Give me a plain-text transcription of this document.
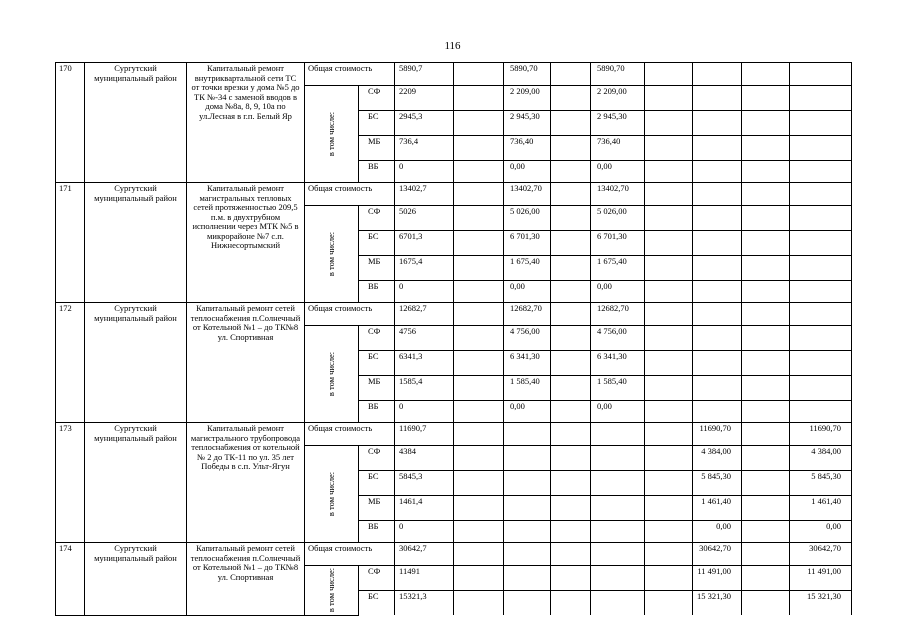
116
170	Сургутский муниципальный район	Капитальный ремонт внутриквартальной сети ТС от точки врезки у дома №5 до ТК №-34 с заменой вводов в дома №8а, 8, 9, 10а по ул.Лесная в г.п. Белый Яр	Общая стоимость		5890,7		5890,70		5890,70				

			в том числе:	СФ	2209		2 209,00		2 209,00				
				БС	2945,3		2 945,30		2 945,30				
				МБ	736,4		736,40		736,40				
				ВБ	0		0,00		0,00				
171	Сургутский муниципальный район	Капитальный ремонт магистральных тепловых сетей протяженностью 209,5 п.м. в двухтрубном исполнении через МТК №5 в микрорайоне №7 с.п. Нижнесортымский	Общая стоимость		13402,7		13402,70		13402,70				

			в том числе:	СФ	5026		5 026,00		5 026,00				
				БС	6701,3		6 701,30		6 701,30				
				МБ	1675,4		1 675,40		1 675,40				
				ВБ	0		0,00		0,00				
172	Сургутский муниципальный район	Капитальный ремонт сетей теплоснабжения п.Солнечный от Котельной №1 – до ТК№8 ул. Спортивная	Общая стоимость		12682,7		12682,70		12682,70				

			в том числе:	СФ	4756		4 756,00		4 756,00				
				БС	6341,3		6 341,30		6 341,30				
				МБ	1585,4		1 585,40		1 585,40				
				ВБ	0		0,00		0,00				
173	Сургутский муниципальный район	Капитальный ремонт магистрального трубопровода теплоснабжения от котельной № 2 до ТК-11 по ул. 35 лет Победы в с.п. Ульт-Ягун	Общая стоимость		11690,7						11690,70		11690,70

			в том числе:	СФ	4384						4 384,00		4 384,00
				БС	5845,3						5 845,30		5 845,30
				МБ	1461,4						1 461,40		1 461,40
				ВБ	0						0,00		0,00
174	Сургутский муниципальный район	Капитальный ремонт сетей теплоснабжения п.Солнечный от Котельной №1 – до ТК№8 ул. Спортивная	Общая стоимость		30642,7						30642,70		30642,70

			в том числе:	СФ	11491						11 491,00		11 491,00
				БС	15321,3						15 321,30		15 321,30
